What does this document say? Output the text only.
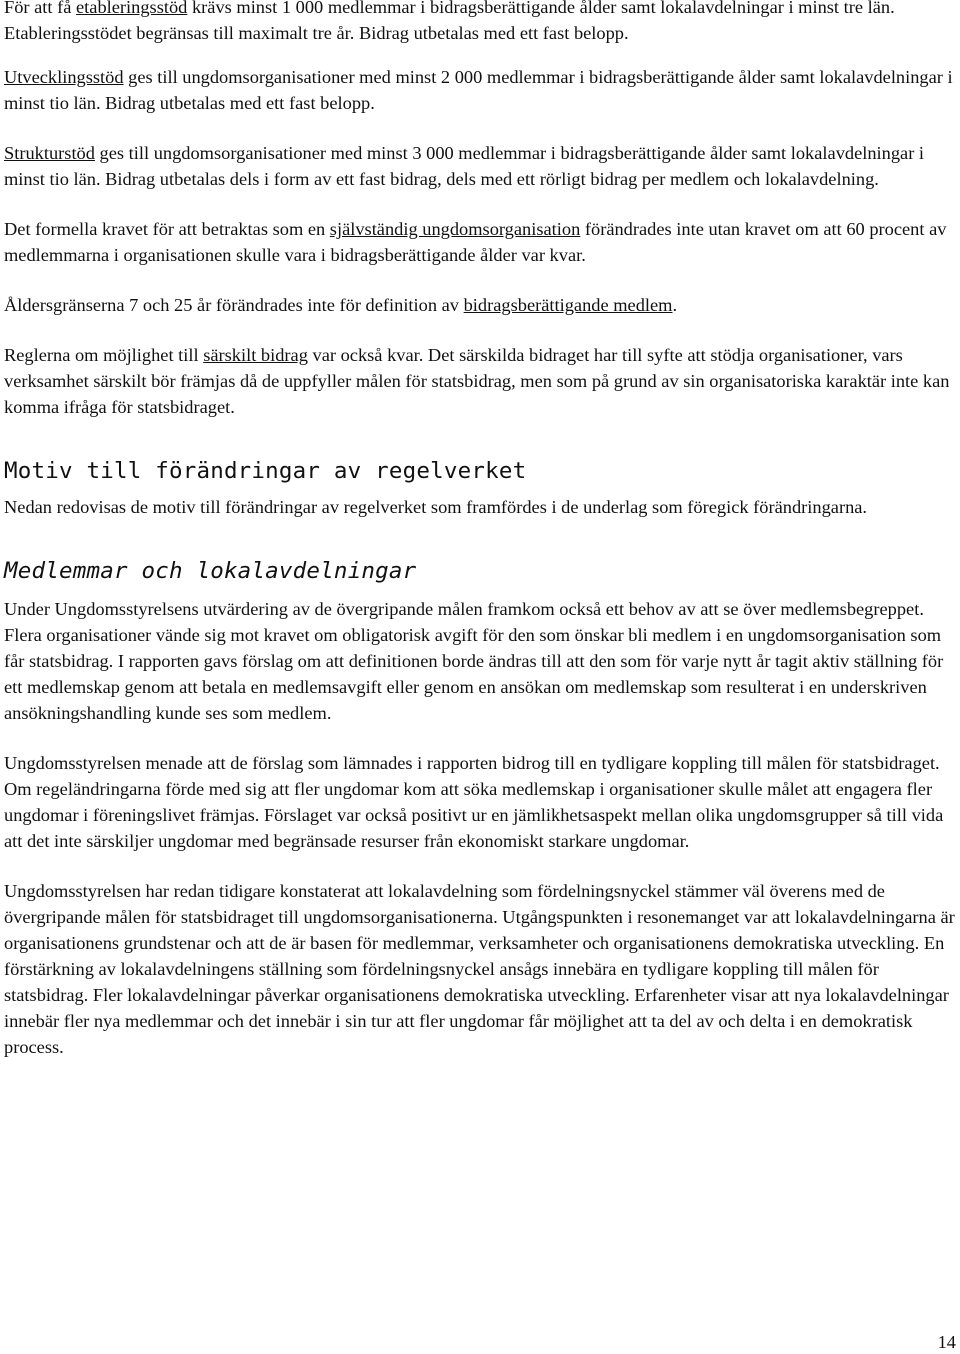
För att få etableringsstöd krävs minst 1 000 medlemmar i bidragsberättigande ålder samt lokalavdelningar i minst tre län. Etableringsstödet begränsas till maximalt tre år. Bidrag utbetalas med ett fast belopp.

Utvecklingsstöd ges till ungdomsorganisationer med minst 2 000 medlemmar i bidragsberättigande ålder samt lokalavdelningar i minst tio län. Bidrag utbetalas med ett fast belopp.

Strukturstöd ges till ungdomsorganisationer med minst 3 000 medlemmar i bidragsberättigande ålder samt lokalavdelningar i minst tio län. Bidrag utbetalas dels i form av ett fast bidrag, dels med ett rörligt bidrag per medlem och lokalavdelning.

Det formella kravet för att betraktas som en självständig ungdomsorganisation förändrades inte utan kravet om att 60 procent av medlemmarna i organisationen skulle vara i bidragsberättigande ålder var kvar.

Åldersgränserna 7 och 25 år förändrades inte för definition av bidragsberättigande medlem.

Reglerna om möjlighet till särskilt bidrag var också kvar. Det särskilda bidraget har till syfte att stödja organisationer, vars verksamhet särskilt bör främjas då de uppfyller målen för statsbidrag, men som på grund av sin organisatoriska karaktär inte kan komma ifråga för statsbidraget.

Motiv till förändringar av regelverket

Nedan redovisas de motiv till förändringar av regelverket som framfördes i de underlag som föregick förändringarna.

Medlemmar och lokalavdelningar

Under Ungdomsstyrelsens utvärdering av de övergripande målen framkom också ett behov av att se över medlemsbegreppet. Flera organisationer vände sig mot kravet om obligatorisk avgift för den som önskar bli medlem i en ungdomsorganisation som får statsbidrag. I rapporten gavs förslag om att definitionen borde ändras till att den som för varje nytt år tagit aktiv ställning för ett medlemskap genom att betala en medlemsavgift eller genom en ansökan om medlemskap som resulterat i en underskriven ansökningshandling kunde ses som medlem.

Ungdomsstyrelsen menade att de förslag som lämnades i rapporten bidrog till en tydligare koppling till målen för statsbidraget. Om regeländringarna förde med sig att fler ungdomar kom att söka medlemskap i organisationer skulle målet att engagera fler ungdomar i föreningslivet främjas. Förslaget var också positivt ur en jämlikhetsaspekt mellan olika ungdomsgrupper så till vida att det inte särskiljer ungdomar med begränsade resurser från ekonomiskt starkare ungdomar.

Ungdomsstyrelsen har redan tidigare konstaterat att lokalavdelning som fördelningsnyckel stämmer väl överens med de övergripande målen för statsbidraget till ungdomsorganisationerna. Utgångspunkten i resonemanget var att lokalavdelningarna är organisationens grundstenar och att de är basen för medlemmar, verksamheter och organisationens demokratiska utveckling. En förstärkning av lokalavdelningens ställning som fördelningsnyckel ansågs innebära en tydligare koppling till målen för statsbidrag. Fler lokalavdelningar påverkar organisationens demokratiska utveckling. Erfarenheter visar att nya lokalavdelningar innebär fler nya medlemmar och det innebär i sin tur att fler ungdomar får möjlighet att ta del av och delta i en demokratisk process.

14
